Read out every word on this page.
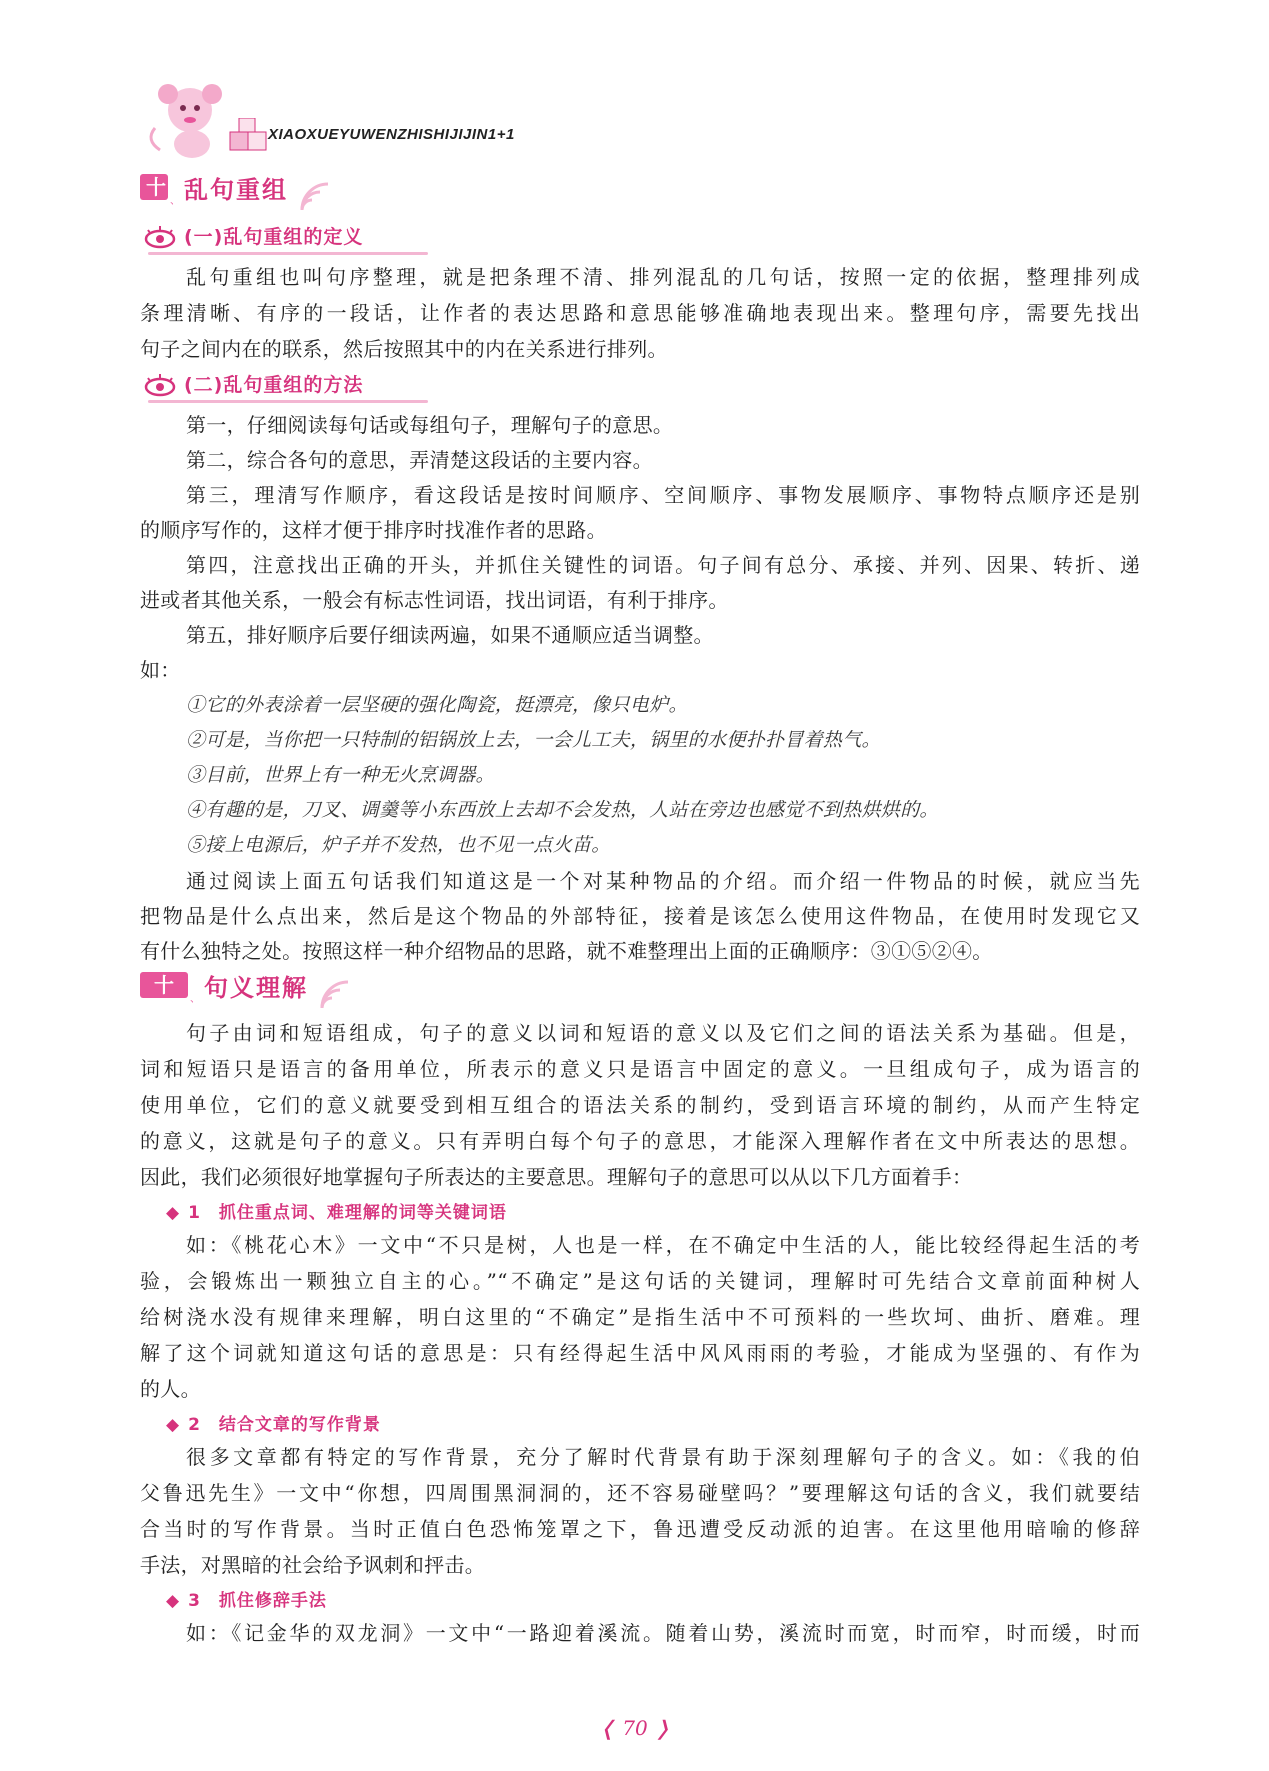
XIAOXUEYUWENZHISHIJIJIN1+1
十
、 乱句重组
(一)乱句重组的定义
乱句重组也叫句序整理，就是把条理不清、排列混乱的几句话，按照一定的依据，整理排列成
条理清晰、有序的一段话，让作者的表达思路和意思能够准确地表现出来。整理句序，需要先找出
句子之间内在的联系，然后按照其中的内在关系进行排列。
(二)乱句重组的方法
第一，仔细阅读每句话或每组句子，理解句子的意思。
第二，综合各句的意思，弄清楚这段话的主要内容。
第三，理清写作顺序，看这段话是按时间顺序、空间顺序、事物发展顺序、事物特点顺序还是别
的顺序写作的，这样才便于排序时找准作者的思路。
第四，注意找出正确的开头，并抓住关键性的词语。句子间有总分、承接、并列、因果、转折、递
进或者其他关系，一般会有标志性词语，找出词语，有利于排序。
第五，排好顺序后要仔细读两遍，如果不通顺应适当调整。
如：
①它的外表涂着一层坚硬的强化陶瓷，挺漂亮，像只电炉。
②可是，当你把一只特制的铝锅放上去，一会儿工夫，锅里的水便扑扑冒着热气。
③目前，世界上有一种无火烹调器。
④有趣的是，刀叉、调羹等小东西放上去却不会发热，人站在旁边也感觉不到热烘烘的。
⑤接上电源后，炉子并不发热，也不见一点火苗。
通过阅读上面五句话我们知道这是一个对某种物品的介绍。而介绍一件物品的时候，就应当先
把物品是什么点出来，然后是这个物品的外部特征，接着是该怎么使用这件物品，在使用时发现它又
有什么独特之处。按照这样一种介绍物品的思路，就不难整理出上面的正确顺序：③①⑤②④。
十一	、 句义理解
句子由词和短语组成，句子的意义以词和短语的意义以及它们之间的语法关系为基础。但是，
词和短语只是语言的备用单位，所表示的意义只是语言中固定的意义。一旦组成句子，成为语言的
使用单位，它们的意义就要受到相互组合的语法关系的制约，受到语言环境的制约，从而产生特定
的意义，这就是句子的意义。只有弄明白每个句子的意思，才能深入理解作者在文中所表达的思想。
因此，我们必须很好地掌握句子所表达的主要意思。理解句子的意思可以从以下几方面着手：
◆ 1 抓住重点词、难理解的词等关键词语
如：《桃花心木》一文中“不只是树，人也是一样，在不确定中生活的人，能比较经得起生活的考
验，会锻炼出一颗独立自主的心。”“不确定”是这句话的关键词，理解时可先结合文章前面种树人
给树浇水没有规律来理解，明白这里的“不确定”是指生活中不可预料的一些坎坷、曲折、磨难。理
解了这个词就知道这句话的意思是：只有经得起生活中风风雨雨的考验，才能成为坚强的、有作为
的人。
◆ 2 结合文章的写作背景
很多文章都有特定的写作背景，充分了解时代背景有助于深刻理解句子的含义。如：《我的伯
父鲁迅先生》一文中“你想，四周围黑洞洞的，还不容易碰壁吗？”要理解这句话的含义，我们就要结
合当时的写作背景。当时正值白色恐怖笼罩之下，鲁迅遭受反动派的迫害。在这里他用暗喻的修辞
手法，对黑暗的社会给予讽刺和抨击。
◆ 3 抓住修辞手法
如：《记金华的双龙洞》一文中“一路迎着溪流。随着山势，溪流时而宽，时而窄，时而缓，时而
❬ 70 ❭
